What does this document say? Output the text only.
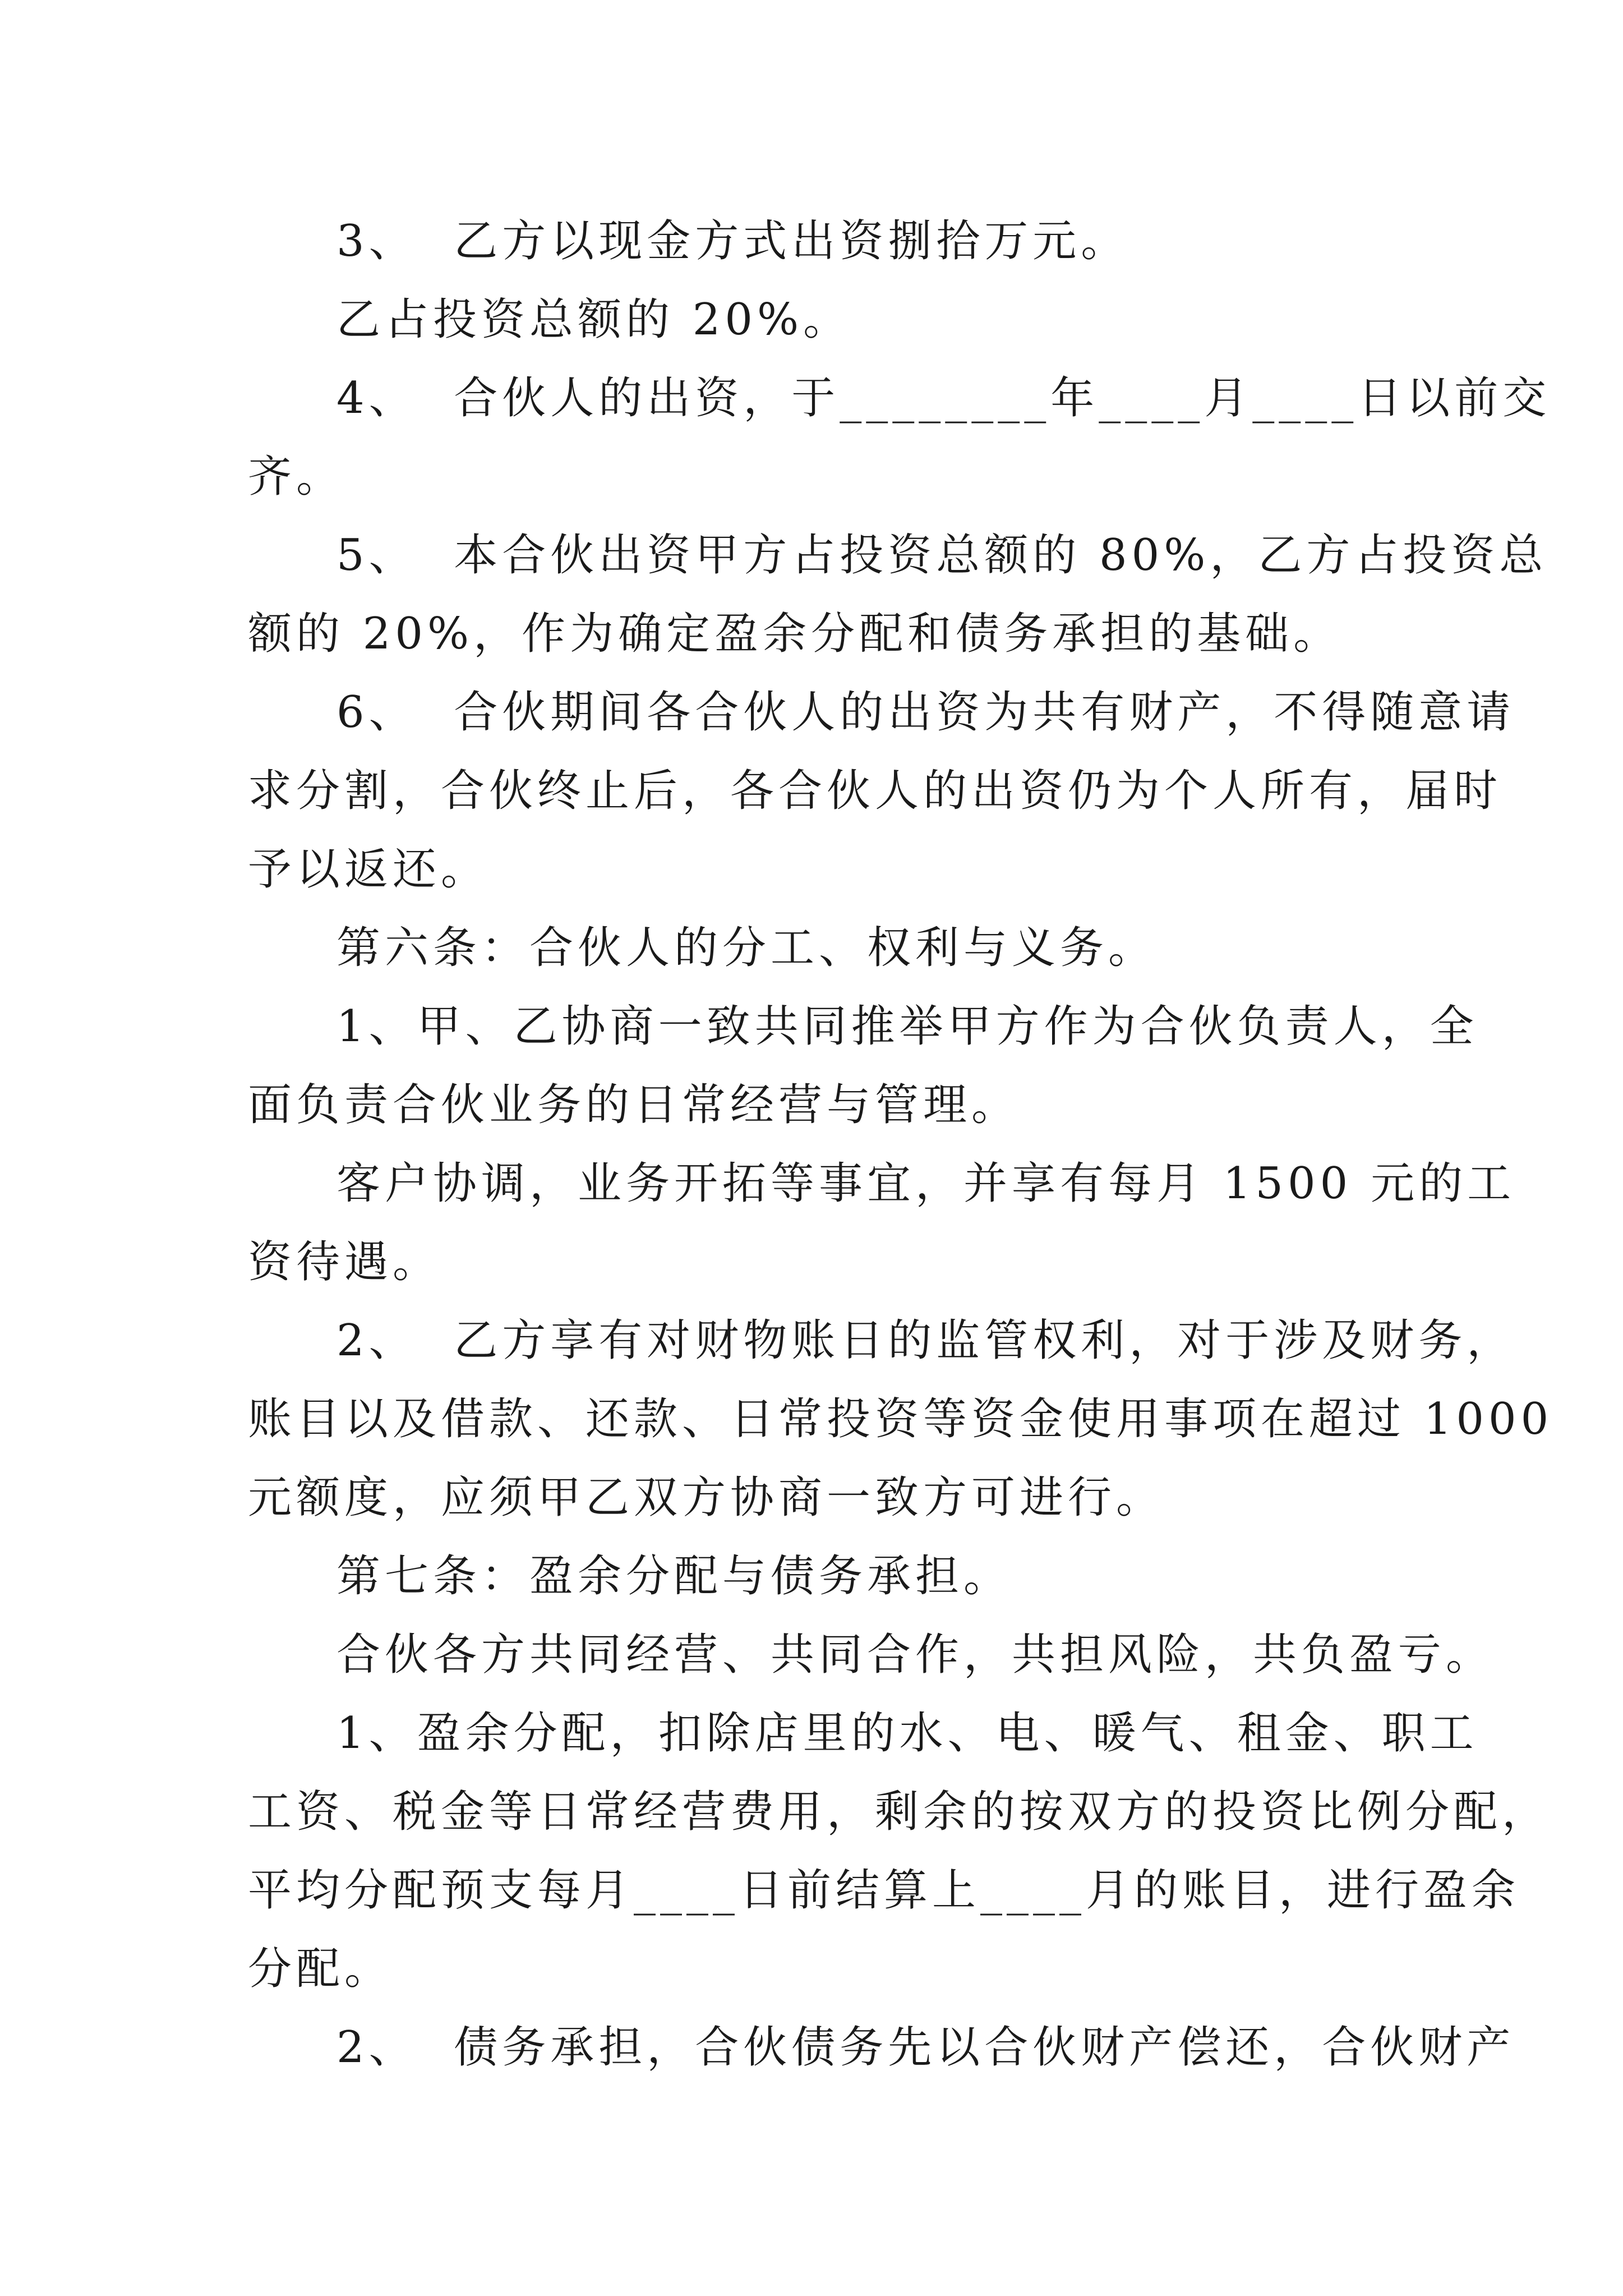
3、  乙方以现金方式出资捌拾万元。
乙占投资总额的 20%。
4、  合伙人的出资，于________年____月____日以前交
齐。
5、  本合伙出资甲方占投资总额的 80%，乙方占投资总
额的 20%，作为确定盈余分配和债务承担的基础。
6、  合伙期间各合伙人的出资为共有财产，不得随意请
求分割，合伙终止后，各合伙人的出资仍为个人所有，届时
予以返还。
第六条：合伙人的分工、权利与义务。
1、甲、乙协商一致共同推举甲方作为合伙负责人，全
面负责合伙业务的日常经营与管理。
客户协调，业务开拓等事宜，并享有每月 1500 元的工
资待遇。
2、  乙方享有对财物账日的监管权利，对于涉及财务，
账目以及借款、还款、日常投资等资金使用事项在超过 1000
元额度，应须甲乙双方协商一致方可进行。
第七条：盈余分配与债务承担。
合伙各方共同经营、共同合作，共担风险，共负盈亏。
1、盈余分配，扣除店里的水、电、暖气、租金、职工
工资、税金等日常经营费用，剩余的按双方的投资比例分配，
平均分配预支每月____日前结算上____月的账目，进行盈余
分配。
2、  债务承担，合伙债务先以合伙财产偿还，合伙财产
